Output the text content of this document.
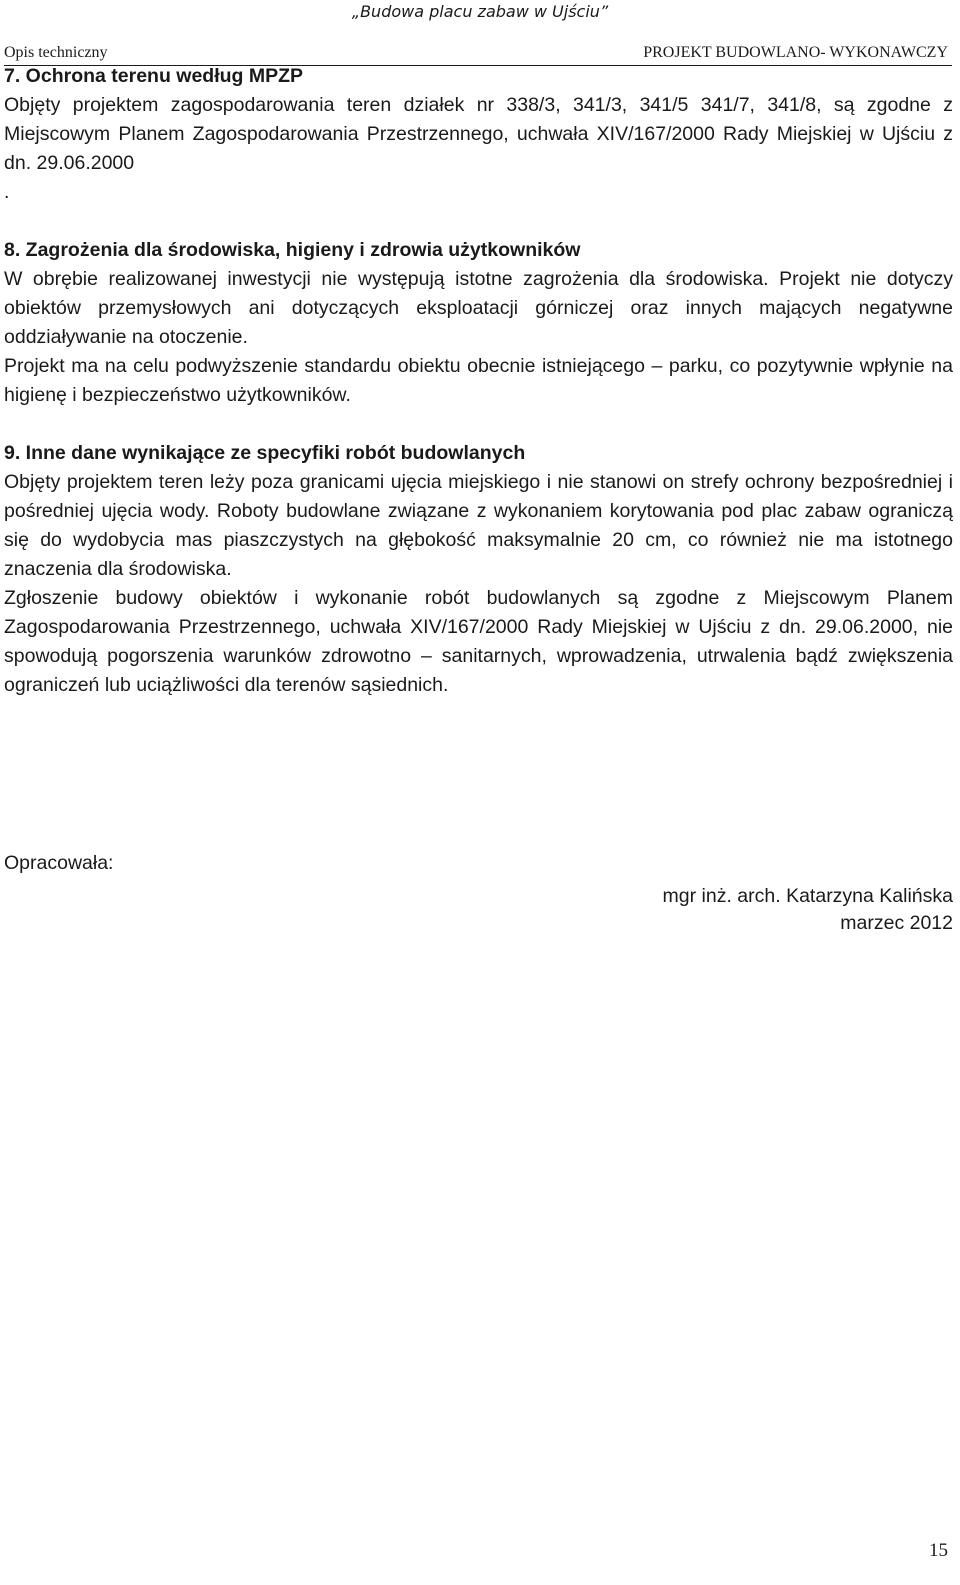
„Budowa placu zabaw w Ujściu”
Opis techniczny	PROJEKT BUDOWLANO- WYKONAWCZY

7. Ochrona terenu według MPZP

Objęty projektem zagospodarowania teren działek nr 338/3, 341/3, 341/5 341/7, 341/8, są zgodne z Miejscowym Planem Zagospodarowania Przestrzennego, uchwała XIV/167/2000 Rady Miejskiej w Ujściu z dn. 29.06.2000

.

8. Zagrożenia dla środowiska, higieny i zdrowia użytkowników

W obrębie realizowanej inwestycji nie występują istotne zagrożenia dla środowiska. Projekt nie dotyczy obiektów przemysłowych ani dotyczących eksploatacji górniczej oraz innych mających negatywne oddziaływanie na otoczenie.

Projekt ma na celu podwyższenie standardu obiektu obecnie istniejącego – parku, co pozytywnie wpłynie na higienę i bezpieczeństwo użytkowników.

9. Inne dane wynikające ze specyfiki robót budowlanych

Objęty projektem teren leży poza granicami ujęcia miejskiego i nie stanowi on strefy ochrony bezpośredniej i pośredniej ujęcia wody. Roboty budowlane związane z wykonaniem korytowania pod plac zabaw ograniczą się do wydobycia mas piaszczystych na głębokość maksymalnie 20 cm, co również nie ma istotnego znaczenia dla środowiska.

Zgłoszenie budowy obiektów i wykonanie robót budowlanych są zgodne z Miejscowym Planem Zagospodarowania Przestrzennego, uchwała XIV/167/2000 Rady Miejskiej w Ujściu z dn. 29.06.2000, nie spowodują pogorszenia warunków zdrowotno – sanitarnych, wprowadzenia, utrwalenia bądź zwiększenia ograniczeń lub uciążliwości dla terenów sąsiednich.

Opracowała:
mgr inż. arch. Katarzyna Kalińska
marzec 2012
15
